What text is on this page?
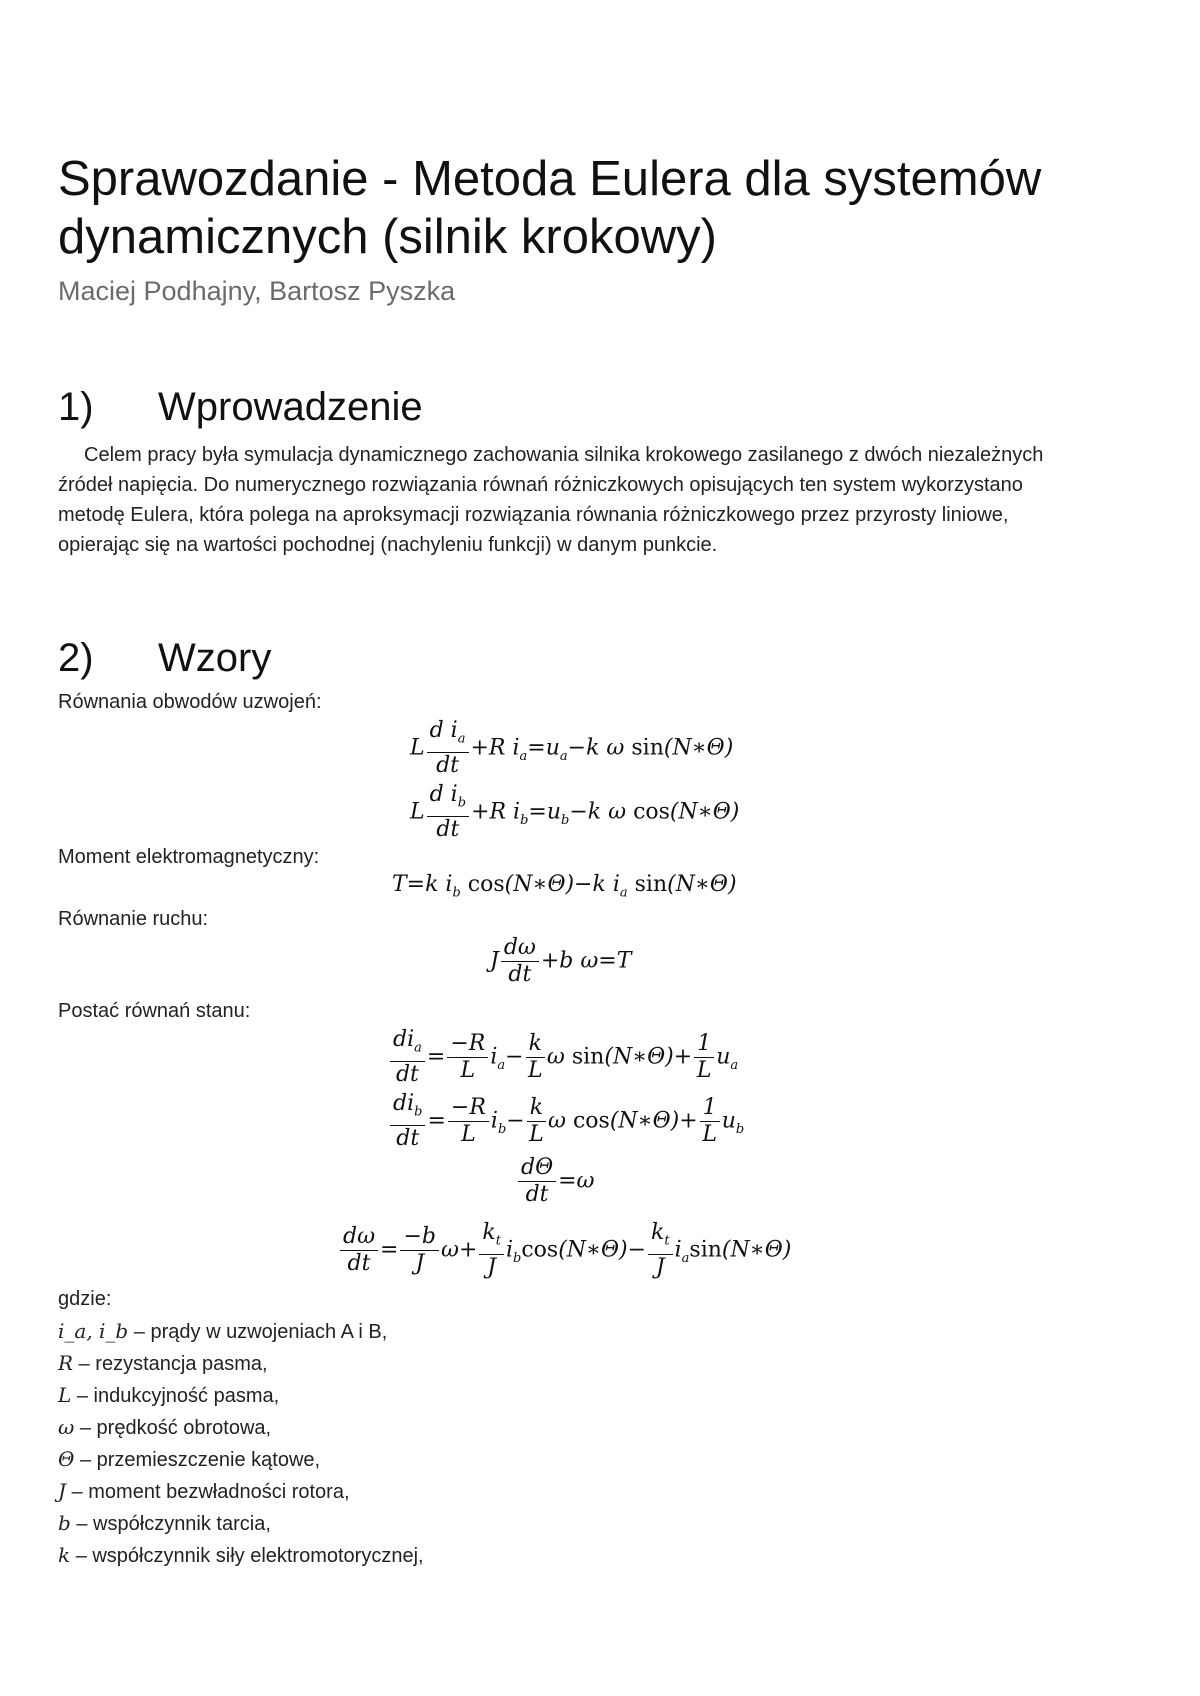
Sprawozdanie - Metoda Eulera dla systemów dynamicznych (silnik krokowy)
Maciej Podhajny, Bartosz Pyszka
1) Wprowadzenie
Celem pracy była symulacja dynamicznego zachowania silnika krokowego zasilanego z dwóch niezależnych źródeł napięcia. Do numerycznego rozwiązania równań różniczkowych opisujących ten system wykorzystano metodę Eulera, która polega na aproksymacji rozwiązania równania różniczkowego przez przyrosty liniowe, opierając się na wartości pochodnej (nachyleniu funkcji) w danym punkcie.
2) Wzory
Równania obwodów uzwojeń:
L $\frac{d i_a}{dt} +R$ $i_a=u_a-k$ ω sin(N∗Θ)
L $\frac{d i_b}{dt} +R$ $i_b=u_b-k$ ω cos(N∗Θ)
Moment elektromagnetyczny:
T=k $i_b$ cos(N∗Θ)−k $i_a$ sin(N∗Θ)
Równanie ruchu:
J $\frac{d\omega}{dt} +b$ ω=T
Postać równań stanu:
$\frac{di_a}{dt} = \frac{-R}{L} i_a- \frac{k}{L}$ ω sin(N∗Θ)+ $\frac{1}{L} u_a$
$\frac{di_b}{dt} = \frac{-R}{L} i_b- \frac{k}{L}$ ω cos(N∗Θ)+ $\frac{1}{L} u_b$
$\frac{d\Theta}{dt} =\omega$
$\frac{d\omega}{dt} = \frac{-b}{J} \omega+ \frac{k_t}{J}$ $i_b\cos(N∗\Theta)- \frac{k_t}{J}$ $i_a\sin(N∗\Theta)$
gdzie:
i_a, i_b – prądy w uzwojeniach A i B,
R – rezystancja pasma,
L – indukcyjność pasma,
ω – prędkość obrotowa,
Θ – przemieszczenie kątowe,
J – moment bezwładności rotora,
b – współczynnik tarcia,
k – współczynnik siły elektromotorycznej,
